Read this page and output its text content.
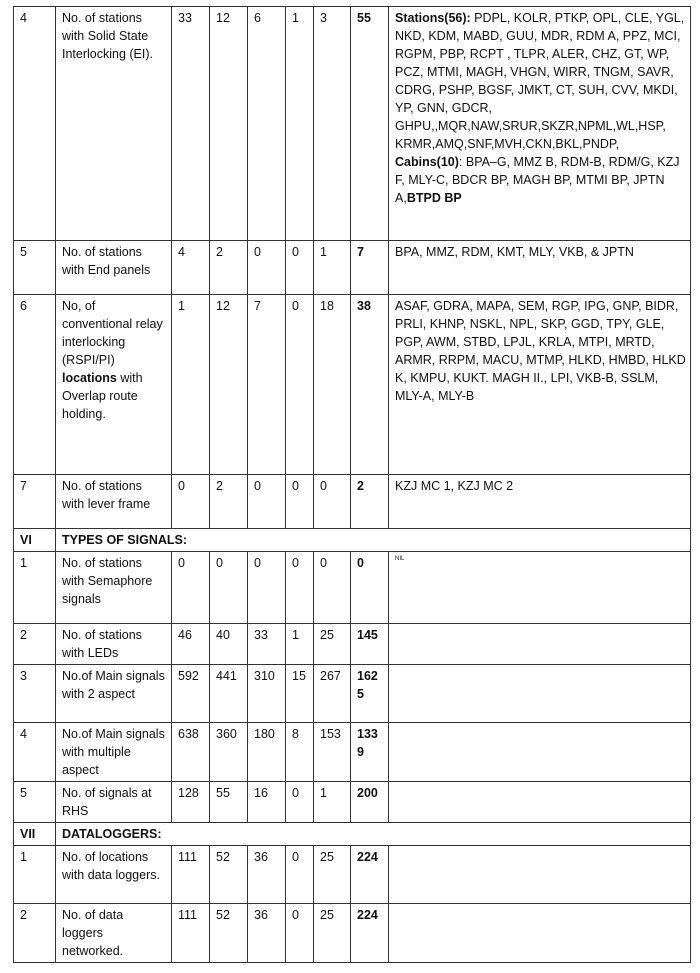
4	No. of stations with Solid State Interlocking (EI).	33	12	6	1	3	55	Stations(56): PDPL, KOLR, PTKP, OPL, CLE, YGL, NKD, KDM, MABD, GUU, MDR, RDM A, PPZ, MCI, RGPM, PBP, RCPT , TLPR, ALER, CHZ, GT, WP, PCZ, MTMI, MAGH, VHGN, WIRR, TNGM, SAVR, CDRG, PSHP, BGSF, JMKT, CT, SUH, CVV, MKDI, YP, GNN, GDCR, GHPU,,MQR,NAW,SRUR,SKZR,NPML,WL,HSP, KRMR,AMQ,SNF,MVH,CKN,BKL,PNDP, Cabins(10): BPA–G, MMZ B, RDM-B, RDM/G, KZJ F, MLY-C, BDCR BP, MAGH BP, MTMI BP, JPTN A,BTPD BP
5	No. of stations with End panels	4	2	0	0	1	7	BPA, MMZ, RDM, KMT, MLY, VKB, & JPTN
6	No, of conventional relay interlocking (RSPI/PI) locations with Overlap route holding.	1	12	7	0	18	38	ASAF, GDRA, MAPA, SEM, RGP, IPG, GNP, BIDR, PRLI, KHNP, NSKL, NPL, SKP, GGD, TPY, GLE, PGP, AWM, STBD, LPJL, KRLA, MTPI, MRTD, ARMR, RRPM, MACU, MTMP, HLKD, HMBD, HLKD K, KMPU, KUKT. MAGH II., LPI, VKB-B, SSLM, MLY-A, MLY-B
7	No. of stations with lever frame	0	2	0	0	0	2	KZJ MC 1, KZJ MC 2
VI	TYPES OF SIGNALS:							
1	No. of stations with Semaphore signals	0	0	0	0	0	0	NIL
2	No. of stations with LEDs	46	40	33	1	25	145	
3	No.of Main signals with 2 aspect	592	441	310	15	267	1625	
4	No.of Main signals with multiple aspect	638	360	180	8	153	1339	
5	No. of signals at RHS	128	55	16	0	1	200	
VII	DATALOGGERS:							
1	No. of locations with data loggers.	111	52	36	0	25	224	
2	No. of data loggers networked.	111	52	36	0	25	224	
